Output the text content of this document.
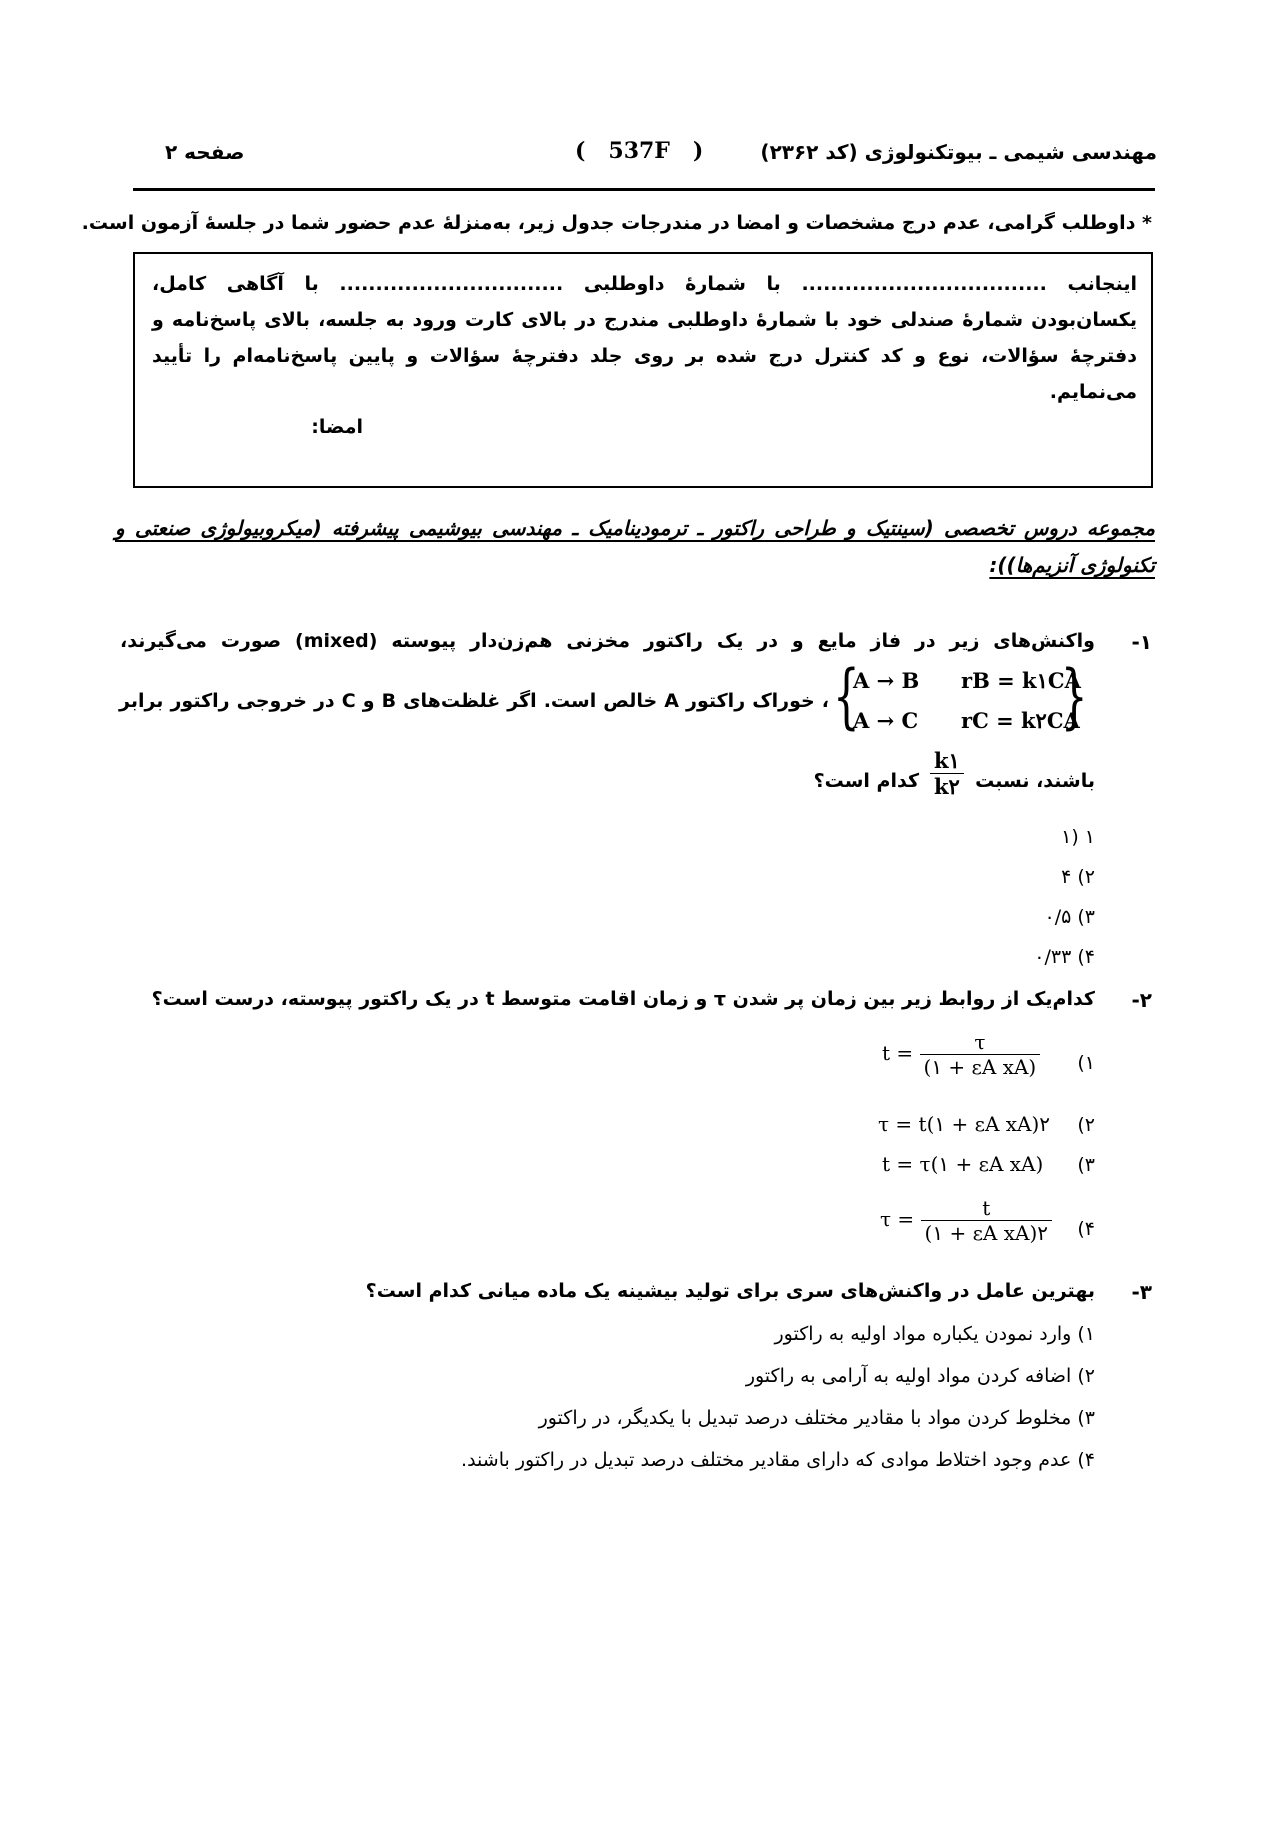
مهندسی شیمی ـ بیوتکنولوژی (کد ۲۳۶۲)
(   537F   )
صفحه ۲
* داوطلب گرامی، عدم درج مشخصات و امضا در مندرجات جدول زیر، به‌منزلهٔ عدم حضور شما در جلسهٔ آزمون است.
اینجانب .................................. با شمارهٔ داوطلبی ............................... با آگاهی کامل، یکسان‌بودن شمارهٔ صندلی خود با شمارهٔ داوطلبی مندرج در بالای کارت ورود به جلسه، بالای پاسخ‌نامه و دفترچهٔ سؤالات، نوع و کد کنترل درج شده بر روی جلد دفترچهٔ سؤالات و پایین پاسخ‌نامه‌ام را تأیید می‌نمایم.
امضا:
مجموعه دروس تخصصی (سینتیک و طراحی راکتور ـ ترمودینامیک ـ مهندسی بیوشیمی پیشرفته (میکروبیولوژی صنعتی و تکنولوژی آنزیم‌ها)):
۱-
واکنش‌های زیر در فاز مایع و در یک راکتور مخزنی هم‌زن‌دار پیوسته (mixed) صورت می‌گیرند،
{
A → B rB = k۱CA
A → C rC = k۲CA
}
، خوراک راکتور A خالص است. اگر غلظت‌های B و C در خروجی راکتور برابر
باشند، نسبت
$\frac{k۱}{k۲}$
کدام است؟
۱ (۱
۲) ۴
۳) ۰/۵
۴) ۰/۳۳
۲-
کدام‌یک از روابط زیر بین زمان پر شدن τ و زمان اقامت متوسط t در یک راکتور پیوسته، درست است؟
۱)
$t = \frac{\tau}{\text{(۱ + εA xA)}}$
۲)
τ = t(۱ + εA xA)۲
۳)
t = τ(۱ + εA xA)
۴)
$\tau = \frac{t}{\text{(۱ + εA xA)۲}}$
۳-
بهترین عامل در واکنش‌های سری برای تولید بیشینه یک ماده میانی کدام است؟
۱) وارد نمودن یکباره مواد اولیه به راکتور
۲) اضافه کردن مواد اولیه به آرامی به راکتور
۳) مخلوط کردن مواد با مقادیر مختلف درصد تبدیل با یکدیگر، در راکتور
۴) عدم وجود اختلاط موادی که دارای مقادیر مختلف درصد تبدیل در راکتور باشند.
